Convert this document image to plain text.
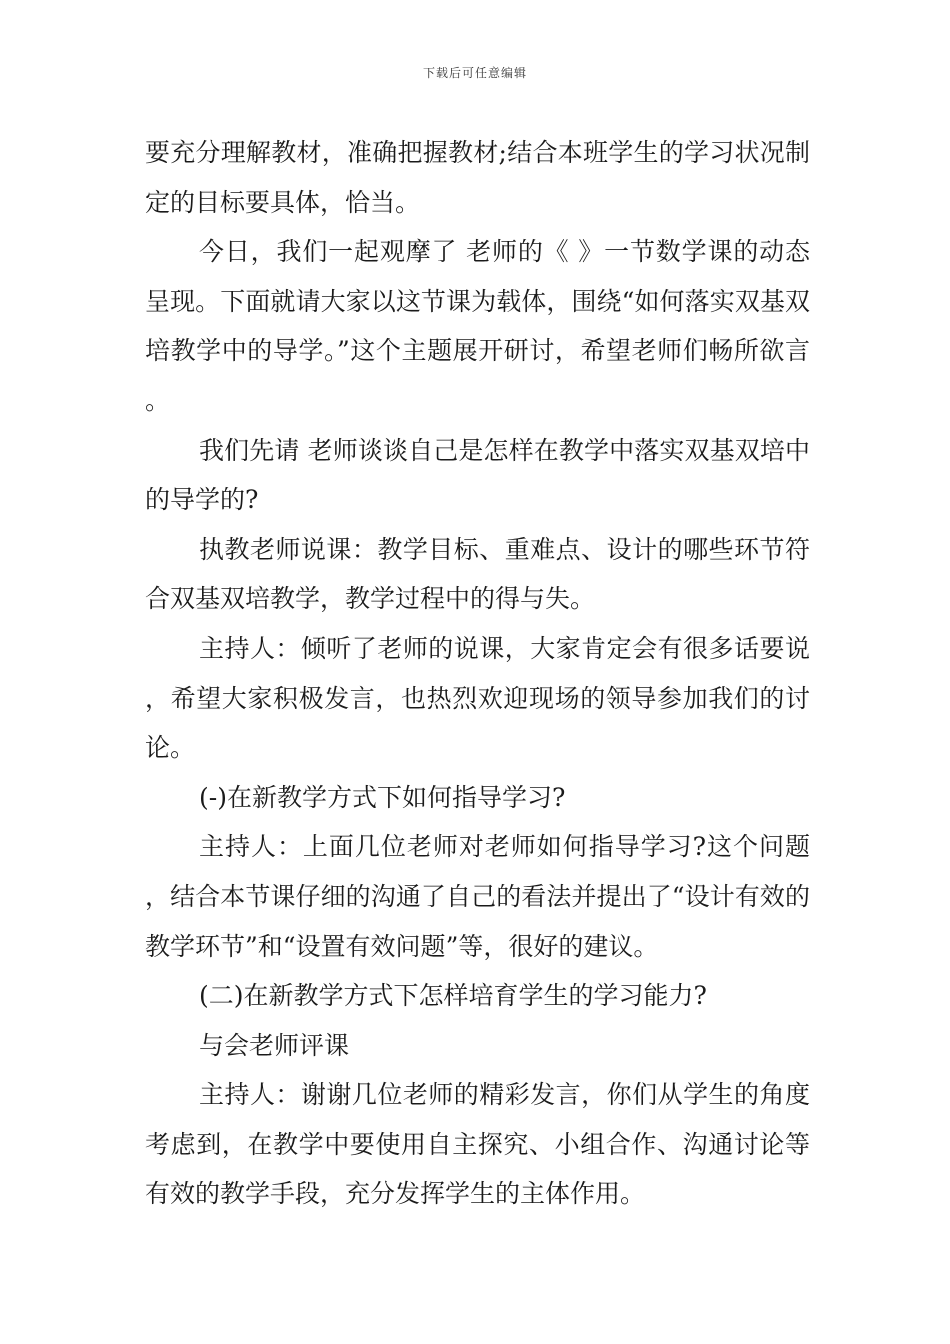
下载后可任意编辑

要充分理解教材，准确把握教材;结合本班学生的学习状况制定的目标要具体，恰当。

今日，我们一起观摩了 老师的《 》一节数学课的动态呈现。下面就请大家以这节课为载体，围绕“如何落实双基双培教学中的导学。”这个主题展开研讨，希望老师们畅所欲言。

我们先请 老师谈谈自己是怎样在教学中落实双基双培中的导学的?

执教老师说课：教学目标、重难点、设计的哪些环节符合双基双培教学，教学过程中的得与失。

主持人：倾听了老师的说课，大家肯定会有很多话要说，希望大家积极发言，也热烈欢迎现场的领导参加我们的讨论。

(-)在新教学方式下如何指导学习?

主持人：上面几位老师对老师如何指导学习?这个问题，结合本节课仔细的沟通了自己的看法并提出了“设计有效的教学环节”和“设置有效问题”等，很好的建议。

(二)在新教学方式下怎样培育学生的学习能力?

与会老师评课

主持人：谢谢几位老师的精彩发言，你们从学生的角度考虑到，在教学中要使用自主探究、小组合作、沟通讨论等有效的教学手段，充分发挥学生的主体作用。
